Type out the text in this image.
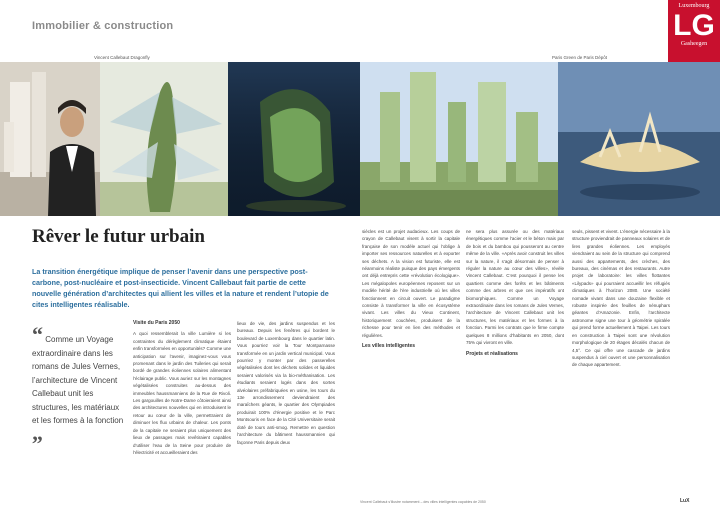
Immobilier & construction
Luxembourg
LG
Gasheegen
Vincent Callebaut Dragonfly	Paris Green de Paris Dépôt
Rêver le futur urbain
La transition énergétique implique de penser l’avenir dans une perspective post-carbone, post-nucléaire et post-insecticide. Vincent Callebaut fait partie de cette nouvelle génération d’architectes qui allient les villes et la nature et rendent l’utopie de cites intelligentes réalisable.
“ Comme un Voyage extraordinaire dans les romans de Jules Vernes, l’architecture de Vincent Callebaut unit les structures, les matériaux et les formes à la fonction „
Visite du Paris 2050
A quoi ressemblerait la ville Lumière si les contraintes du dérèglement climatique étaient enfin transformées en opportunités? Comme une anticipation sur l’avenir, imaginez-vous vous promenant dans le jardin des Tuileries qui serait bordé de grandes éoliennes solaires alimentant l’éclairage public. Vous auriez sur les montagnes végétalisées construites au-dessus des immeubles haussmanniens de la Rue de Rivoli. Les gargouilles de Notre-Dame côtoieraient ainsi des architectures nouvelles qui en introduisent le retour au cœur de la ville, permettraient de diminuer les flux urbains de chaleur. Les ponts de la capitale ne seraient plus uniquement des lieux de passages mais revêtiraient capables d’utiliser l’eau de la Seine pour produire de l’électricité et accueilleraient des
lieux de vie, des jardins suspendus et les bureaux. Depuis les fenêtres qui bordent le boulevard de Luxembourg dans le quartier latin. Vous pourriez voir la Tour Montparnasse transformée en un jardin vertical municipal. Vous pourriez y monter par des passerelles végétalisées dont les déchets solides et liquides seraient valorisés via la bio-méthanisation. Les étudiants seraient logés dans des sortes alvéolaires préfabriquées en usine, les tours du 13e arrondissement deviendraient des maraîchers géants, le quartier des Olympiades produirait 100% d’énergie positive et le Parc Montsouris en face de la Cité Universitaire serait doté de tours anti-smog. Remettre en question l’architecture du bâtiment haussmannien qui façonne Paris depuis deux
siècles est un projet audacieux. Les coups de crayon de Callebaut visent à sortir la capitale française de son modèle actuel qui l’oblige à importer ses ressources naturelles et à exporter ses déchets. A la vision est futuriste, elle est néanmoins réaliste puisque des pays émergents ont déjà entrepris cette «révolution écologique». Les mégalopoles européennes reposent sur un modèle hérité de l’ère industrielle où les villes fonctionnent en circuit ouvert. Le paradigme consiste à transformer la ville en écosystème vivant. Les villes du Vieux Continent, historiquement couchées, produisent de la richesse pour tenir en lien des méthodes et régulières.
Les villes intelligentes
ne sera plus assurée ou des matériaux énergétiques comme l’acier et le béton mais par de bois et du bambou qui pousseront au centre même de la ville. «Après avoir construit les villes sur la nature, il s’agit désormais de penser à réguler la nature au cœur des villes», révèle Vincent Callebaut. C’est pourquoi il pense les quartiers comme des forêts et les bâtiments comme des arbres et que ces impératifs ont biomorphiques. Comme un Voyage extraordinaire dans les romans de Jules Vernes, l’architecture de Vincent Callebaut unit les structures, les matériaux et les formes à la fonction. Parmi les contrats que le firme compte quelques 8 millions d’habitants en 2050, dont 75% qui vivront en ville.
Projets et réalisations
seuls, pissent et vivent. L’énergie nécessaire à la structure proviendrait de panneaux solaires et de lires grandes éoliennes. Les employés viendraient au sein de la structure qui comprend aussi des appartements, des crèches, des bureaux, des cinémas et des restaurants. Autre projet de laboratoire: les villes flottantes «Lilypads» qui pourraient accueillir les réfugiés climatiques à l’horizon 2080. Une société nomade vivant dans une douzaine flexible et robuste inspirée des feuilles de nénuphars géantes d’Amazonie. Enfin, l’architecte astronome signe une tour à géométrie spiralée qui prend forme actuellement à Taipei. Les tours en construction à Taipei sont une révolution morphologique de 20 étages décalés chacun de 4,5°. Ce qui offre une cascade de jardins suspendus à ciel ouvert et une personnalisation de chaque appartement.
Vincent Callebaut s’illustre notamment – des villes intelligentes capables de 2050	LuX
